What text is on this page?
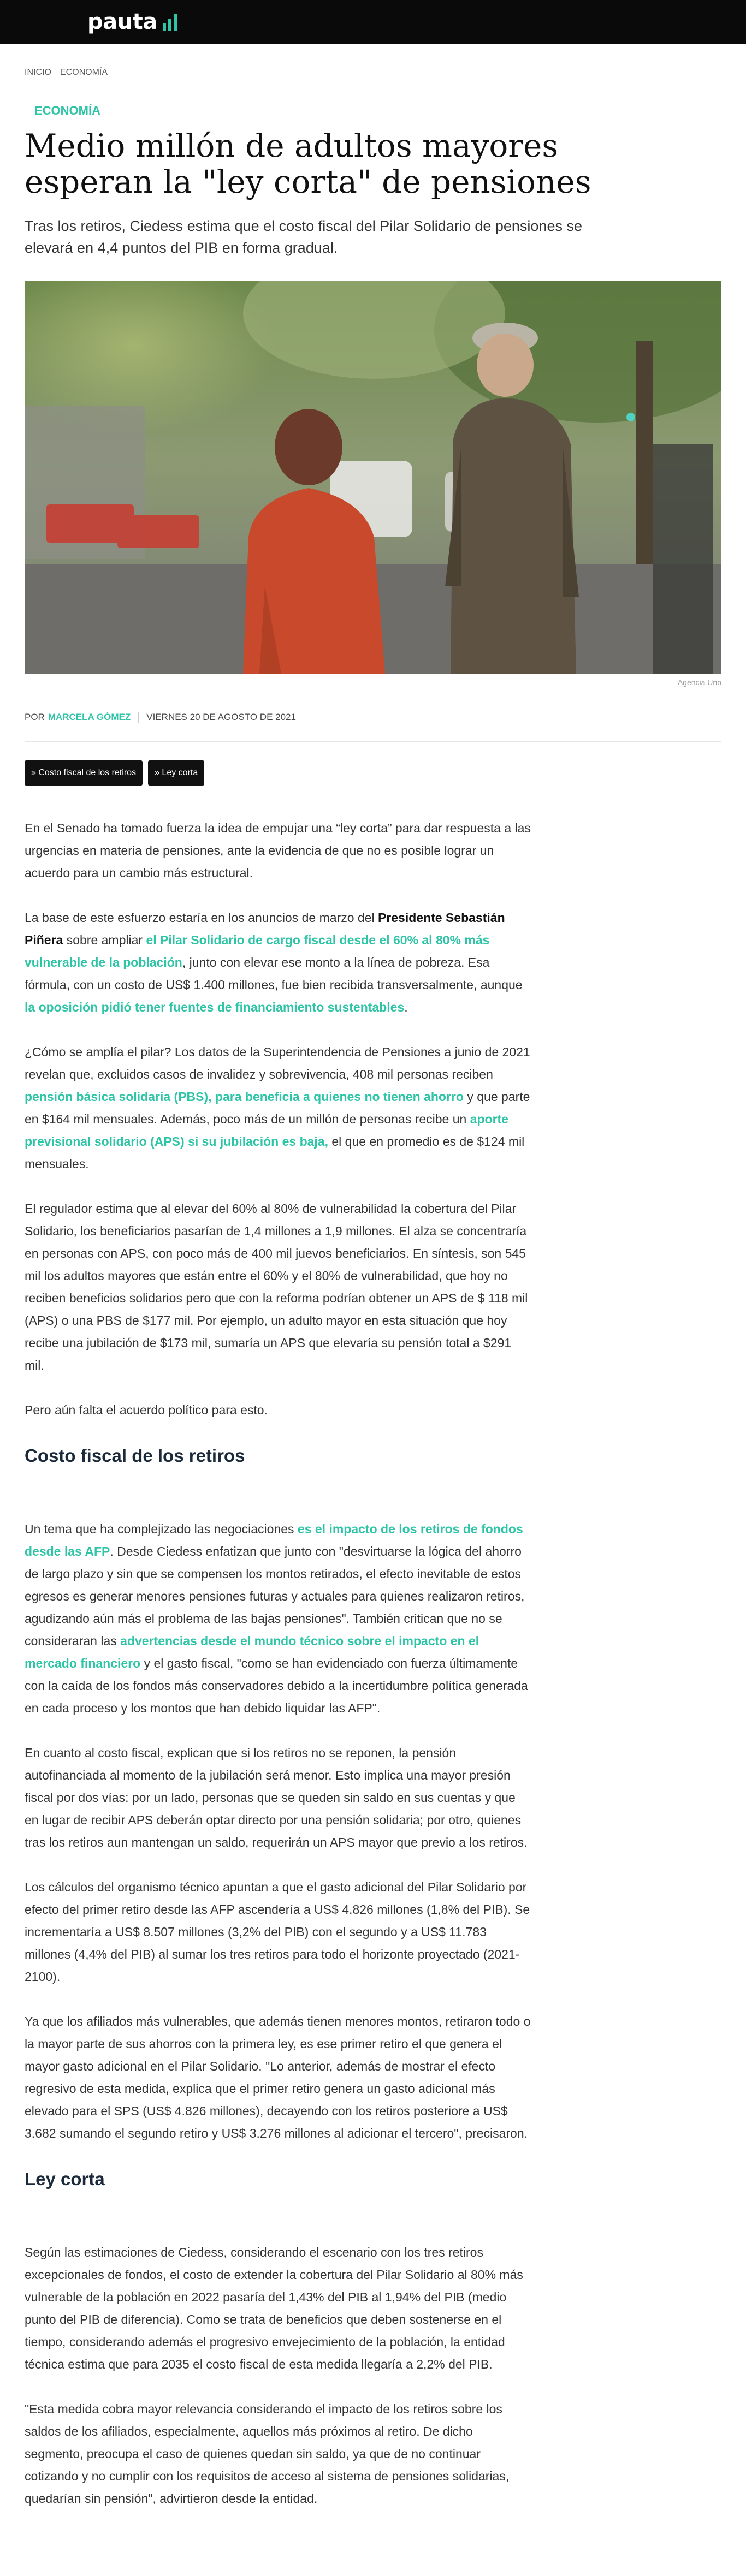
pauta
INICIO ECONOMÍA
ECONOMÍA
Medio millón de adultos mayores esperan la "ley corta" de pensiones

Tras los retiros, Ciedess estima que el costo fiscal del Pilar Solidario de pensiones se elevará en 4,4 puntos del PIB en forma gradual.

Agencia Uno
POR MARCELA GÓMEZ VIERNES 20 DE AGOSTO DE 2021
» Costo fiscal de los retiros	» Ley corta

En el Senado ha tomado fuerza la idea de empujar una “ley corta” para dar respuesta a las urgencias en materia de pensiones, ante la evidencia de que no es posible lograr un acuerdo para un cambio más estructural.

La base de este esfuerzo estaría en los anuncios de marzo del Presidente Sebastián Piñera sobre ampliar el Pilar Solidario de cargo fiscal desde el 60% al 80% más vulnerable de la población, junto con elevar ese monto a la línea de pobreza. Esa fórmula, con un costo de US$ 1.400 millones, fue bien recibida transversalmente, aunque la oposición pidió tener fuentes de financiamiento sustentables.

¿Cómo se amplía el pilar? Los datos de la Superintendencia de Pensiones a junio de 2021 revelan que, excluidos casos de invalidez y sobrevivencia, 408 mil personas reciben pensión básica solidaria (PBS), para beneficia a quienes no tienen ahorro y que parte en $164 mil mensuales. Además, poco más de un millón de personas recibe un aporte previsional solidario (APS) si su jubilación es baja, el que en promedio es de $124 mil mensuales.

El regulador estima que al elevar del 60% al 80% de vulnerabilidad la cobertura del Pilar Solidario, los beneficiarios pasarían de 1,4 millones a 1,9 millones. El alza se concentraría en personas con APS, con poco más de 400 mil juevos beneficiarios. En síntesis, son 545 mil los adultos mayores que están entre el 60% y el 80% de vulnerabilidad, que hoy no reciben beneficios solidarios pero que con la reforma podrían obtener un APS de $ 118 mil (APS) o una PBS de $177 mil. Por ejemplo, un adulto mayor en esta situación que hoy recibe una jubilación de $173 mil, sumaría un APS que elevaría su pensión total a $291 mil.

Pero aún falta el acuerdo político para esto.

Costo fiscal de los retiros

Un tema que ha complejizado las negociaciones es el impacto de los retiros de fondos desde las AFP. Desde Ciedess enfatizan que junto con "desvirtuarse la lógica del ahorro de largo plazo y sin que se compensen los montos retirados, el efecto inevitable de estos egresos es generar menores pensiones futuras y actuales para quienes realizaron retiros, agudizando aún más el problema de las bajas pensiones". También critican que no se consideraran las advertencias desde el mundo técnico sobre el impacto en el mercado financiero y el gasto fiscal, "como se han evidenciado con fuerza últimamente con la caída de los fondos más conservadores debido a la incertidumbre política generada en cada proceso y los montos que han debido liquidar las AFP".

En cuanto al costo fiscal, explican que si los retiros no se reponen, la pensión autofinanciada al momento de la jubilación será menor. Esto implica una mayor presión fiscal por dos vías: por un lado, personas que se queden sin saldo en sus cuentas y que en lugar de recibir APS deberán optar directo por una pensión solidaria; por otro, quienes tras los retiros aun mantengan un saldo, requerirán un APS mayor que previo a los retiros.

Los cálculos del organismo técnico apuntan a que el gasto adicional del Pilar Solidario por efecto del primer retiro desde las AFP ascendería a US$ 4.826 millones (1,8% del PIB). Se incrementaría a US$ 8.507 millones (3,2% del PIB) con el segundo y a US$ 11.783 millones (4,4% del PIB) al sumar los tres retiros para todo el horizonte proyectado (2021-2100).

Ya que los afiliados más vulnerables, que además tienen menores montos, retiraron todo o la mayor parte de sus ahorros con la primera ley, es ese primer retiro el que genera el mayor gasto adicional en el Pilar Solidario. "Lo anterior, además de mostrar el efecto regresivo de esta medida, explica que el primer retiro genera un gasto adicional más elevado para el SPS (US$ 4.826 millones), decayendo con los retiros posteriore a US$ 3.682 sumando el segundo retiro y US$ 3.276 millones al adicionar el tercero", precisaron.

Ley corta

Según las estimaciones de Ciedess, considerando el escenario con los tres retiros excepcionales de fondos, el costo de extender la cobertura del Pilar Solidario al 80% más vulnerable de la población en 2022 pasaría del 1,43% del PIB al 1,94% del PIB (medio punto del PIB de diferencia). Como se trata de beneficios que deben sostenerse en el tiempo, considerando además el progresivo envejecimiento de la población, la entidad técnica estima que para 2035 el costo fiscal de esta medida llegaría a 2,2% del PIB.

"Esta medida cobra mayor relevancia considerando el impacto de los retiros sobre los saldos de los afiliados, especialmente, aquellos más próximos al retiro. De dicho segmento, preocupa el caso de quienes quedan sin saldo, ya que de no continuar cotizando y no cumplir con los requisitos de acceso al sistema de pensiones solidarias, quedarían sin pensión", advirtieron desde la entidad.
